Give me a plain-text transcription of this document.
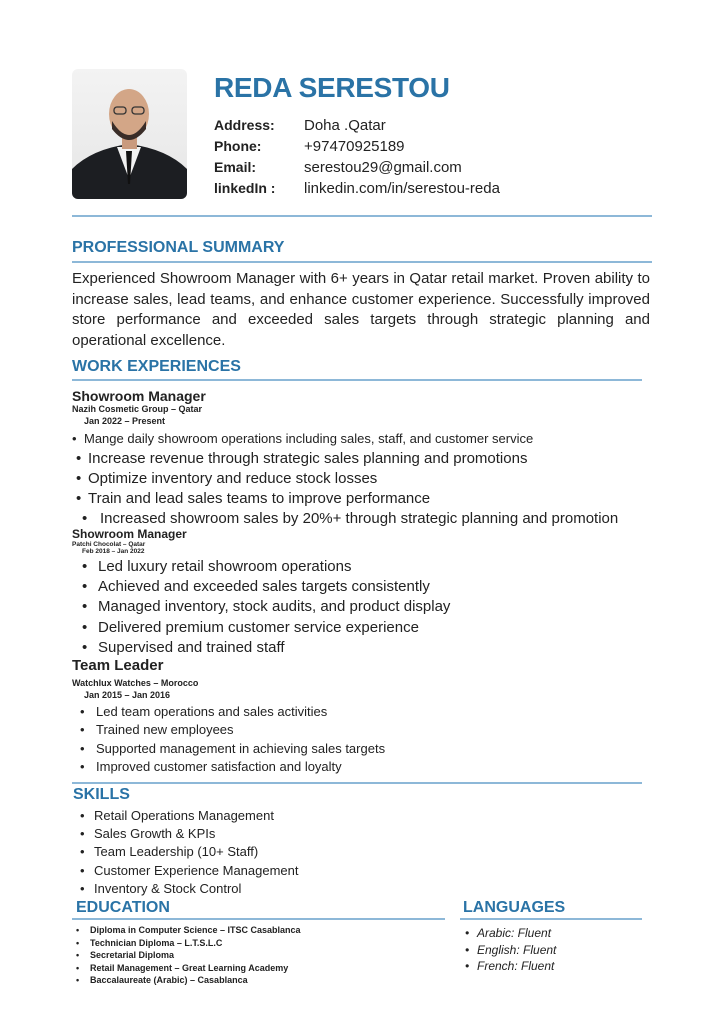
REDA SERESTOU
Address: Doha .Qatar
Phone:	+97470925189
Email:	serestou29@gmail.com
linkedIn : linkedin.com/in/serestou-reda
PROFESSIONAL SUMMARY
Experienced Showroom Manager with 6+ years in Qatar retail market. Proven ability to increase sales, lead teams, and enhance customer experience. Successfully improved store performance and exceeded sales targets through strategic planning and operational excellence.
WORK EXPERIENCES
Showroom Manager
Nazih Cosmetic Group – Qatar
Jan 2022 – Present
• Mange daily showroom operations including sales, staff, and customer service
• Increase revenue through strategic sales planning and promotions
• Optimize inventory and reduce stock losses
• Train and lead sales teams to improve performance
• Increased showroom sales by 20%+ through strategic planning and promotion
Showroom Manager
Patchi Chocolat – Qatar
Feb 2018 – Jan 2022
• Led luxury retail showroom operations
• Achieved and exceeded sales targets consistently
• Managed inventory, stock audits, and product display
• Delivered premium customer service experience
• Supervised and trained staff
Team Leader
Watchlux Watches – Morocco
Jan 2015 – Jan 2016
• Led team operations and sales activities
• Trained new employees
• Supported management in achieving sales targets
• Improved customer satisfaction and loyalty
SKILLS
• Retail Operations Management
• Sales Growth & KPIs
• Team Leadership (10+ Staff)
• Customer Experience Management
• Inventory & Stock Control
EDUCATION
• Diploma in Computer Science – ITSC Casablanca
• Technician Diploma – L.T.S.L.C
• Secretarial Diploma
• Retail Management – Great Learning Academy
• Baccalaureate (Arabic) – Casablanca
LANGUAGES
• Arabic: Fluent
• English: Fluent
• French: Fluent
